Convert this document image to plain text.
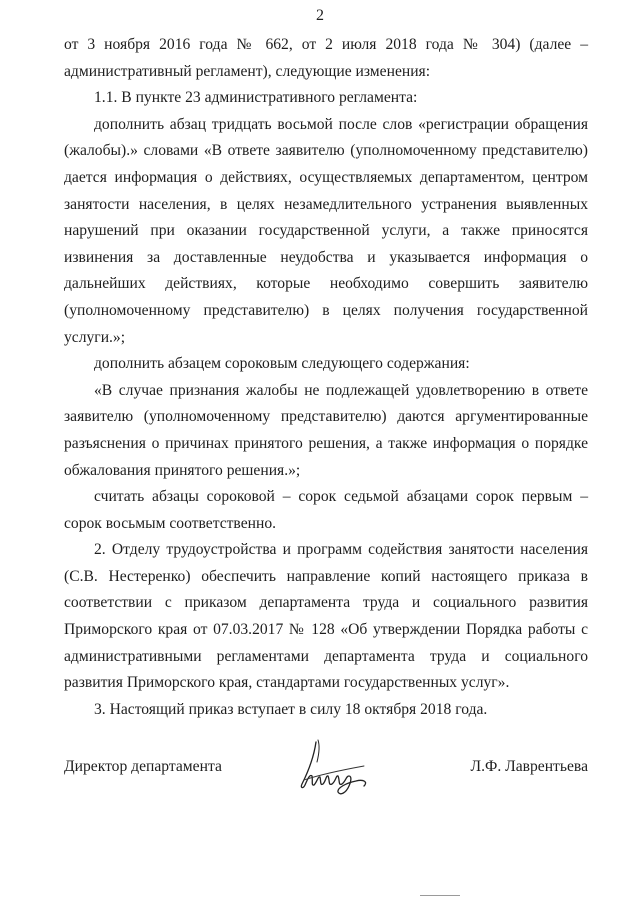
2

от 3 ноября 2016 года № 662, от 2 июля 2018 года № 304) (далее – административный регламент), следующие изменения:

1.1. В пункте 23 административного регламента:

дополнить абзац тридцать восьмой после слов «регистрации обращения (жалобы).» словами «В ответе заявителю (уполномоченному представителю) дается информация о действиях, осуществляемых департаментом, центром занятости населения, в целях незамедлительного устранения выявленных нарушений при оказании государственной услуги, а также приносятся извинения за доставленные неудобства и указывается информация о дальнейших действиях, которые необходимо совершить заявителю (уполномоченному представителю) в целях получения государственной услуги.»;

дополнить абзацем сороковым следующего содержания:

«В случае признания жалобы не подлежащей удовлетворению в ответе заявителю (уполномоченному представителю) даются аргументированные разъяснения о причинах принятого решения, а также информация о порядке обжалования принятого решения.»;

считать абзацы сороковой – сорок седьмой абзацами сорок первым – сорок восьмым соответственно.

2. Отделу трудоустройства и программ содействия занятости населения (С.В. Нестеренко) обеспечить направление копий настоящего приказа в соответствии с приказом департамента труда и социального развития Приморского края от 07.03.2017 № 128 «Об утверждении Порядка работы с административными регламентами департамента труда и социального развития Приморского края, стандартами государственных услуг».

3. Настоящий приказ вступает в силу 18 октября 2018 года.

Директор департамента	Л.Ф. Лаврентьева
